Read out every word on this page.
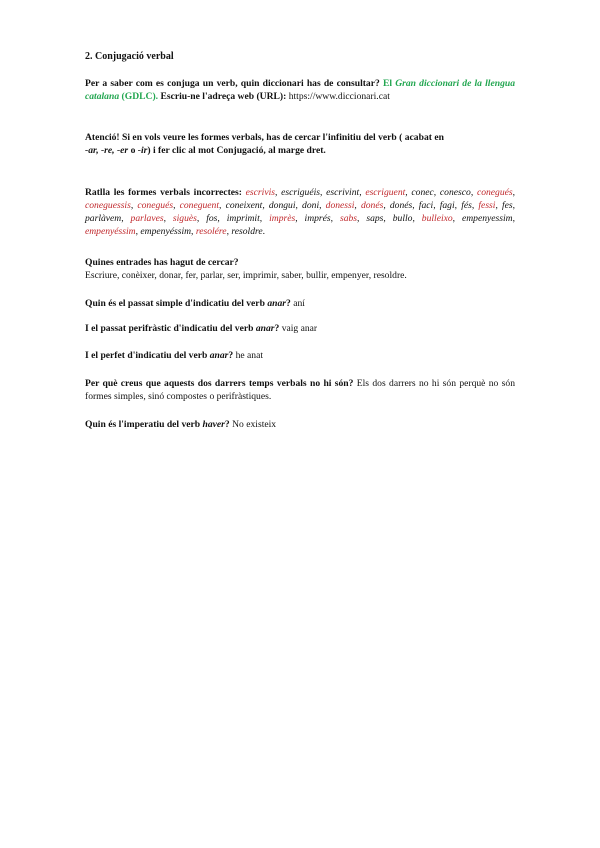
2. Conjugació verbal
Per a saber com es conjuga un verb, quin diccionari has de consultar? El Gran diccionari de la llengua catalana (GDLC). Escriu-ne l'adreça web (URL): https://www.diccionari.cat
Atenció! Si en vols veure les formes verbals, has de cercar l'infinitiu del verb ( acabat en
-ar, -re, -er o -ir) i fer clic al mot Conjugació, al marge dret.
Ratlla les formes verbals incorrectes: escrivis, escriguéis, escrivint, escriguent, conec, conesco, conegués, coneguessis, conegués, coneguent, coneixent, dongui, doni, donessi, donés, donés, faci, fagi, fés, fessi, fes, parlàvem, parlaves, siguès, fos, imprimit, imprès, imprés, sabs, saps, bullo, bulleixo, empenyessim, empenyéssim, empenyéssim, resolére, resoldre.
Quines entrades has hagut de cercar?
Escriure, conèixer, donar, fer, parlar, ser, imprimir, saber, bullir, empenyer, resoldre.
Quin és el passat simple d'indicatiu del verb anar? aní
I el passat perifràstic d'indicatiu del verb anar? vaig anar
I el perfet d'indicatiu del verb anar? he anat
Per què creus que aquests dos darrers temps verbals no hi són? Els dos darrers no hi són perquè no són formes simples, sinó compostes o perifràstiques.
Quin és l'imperatiu del verb haver? No existeix
